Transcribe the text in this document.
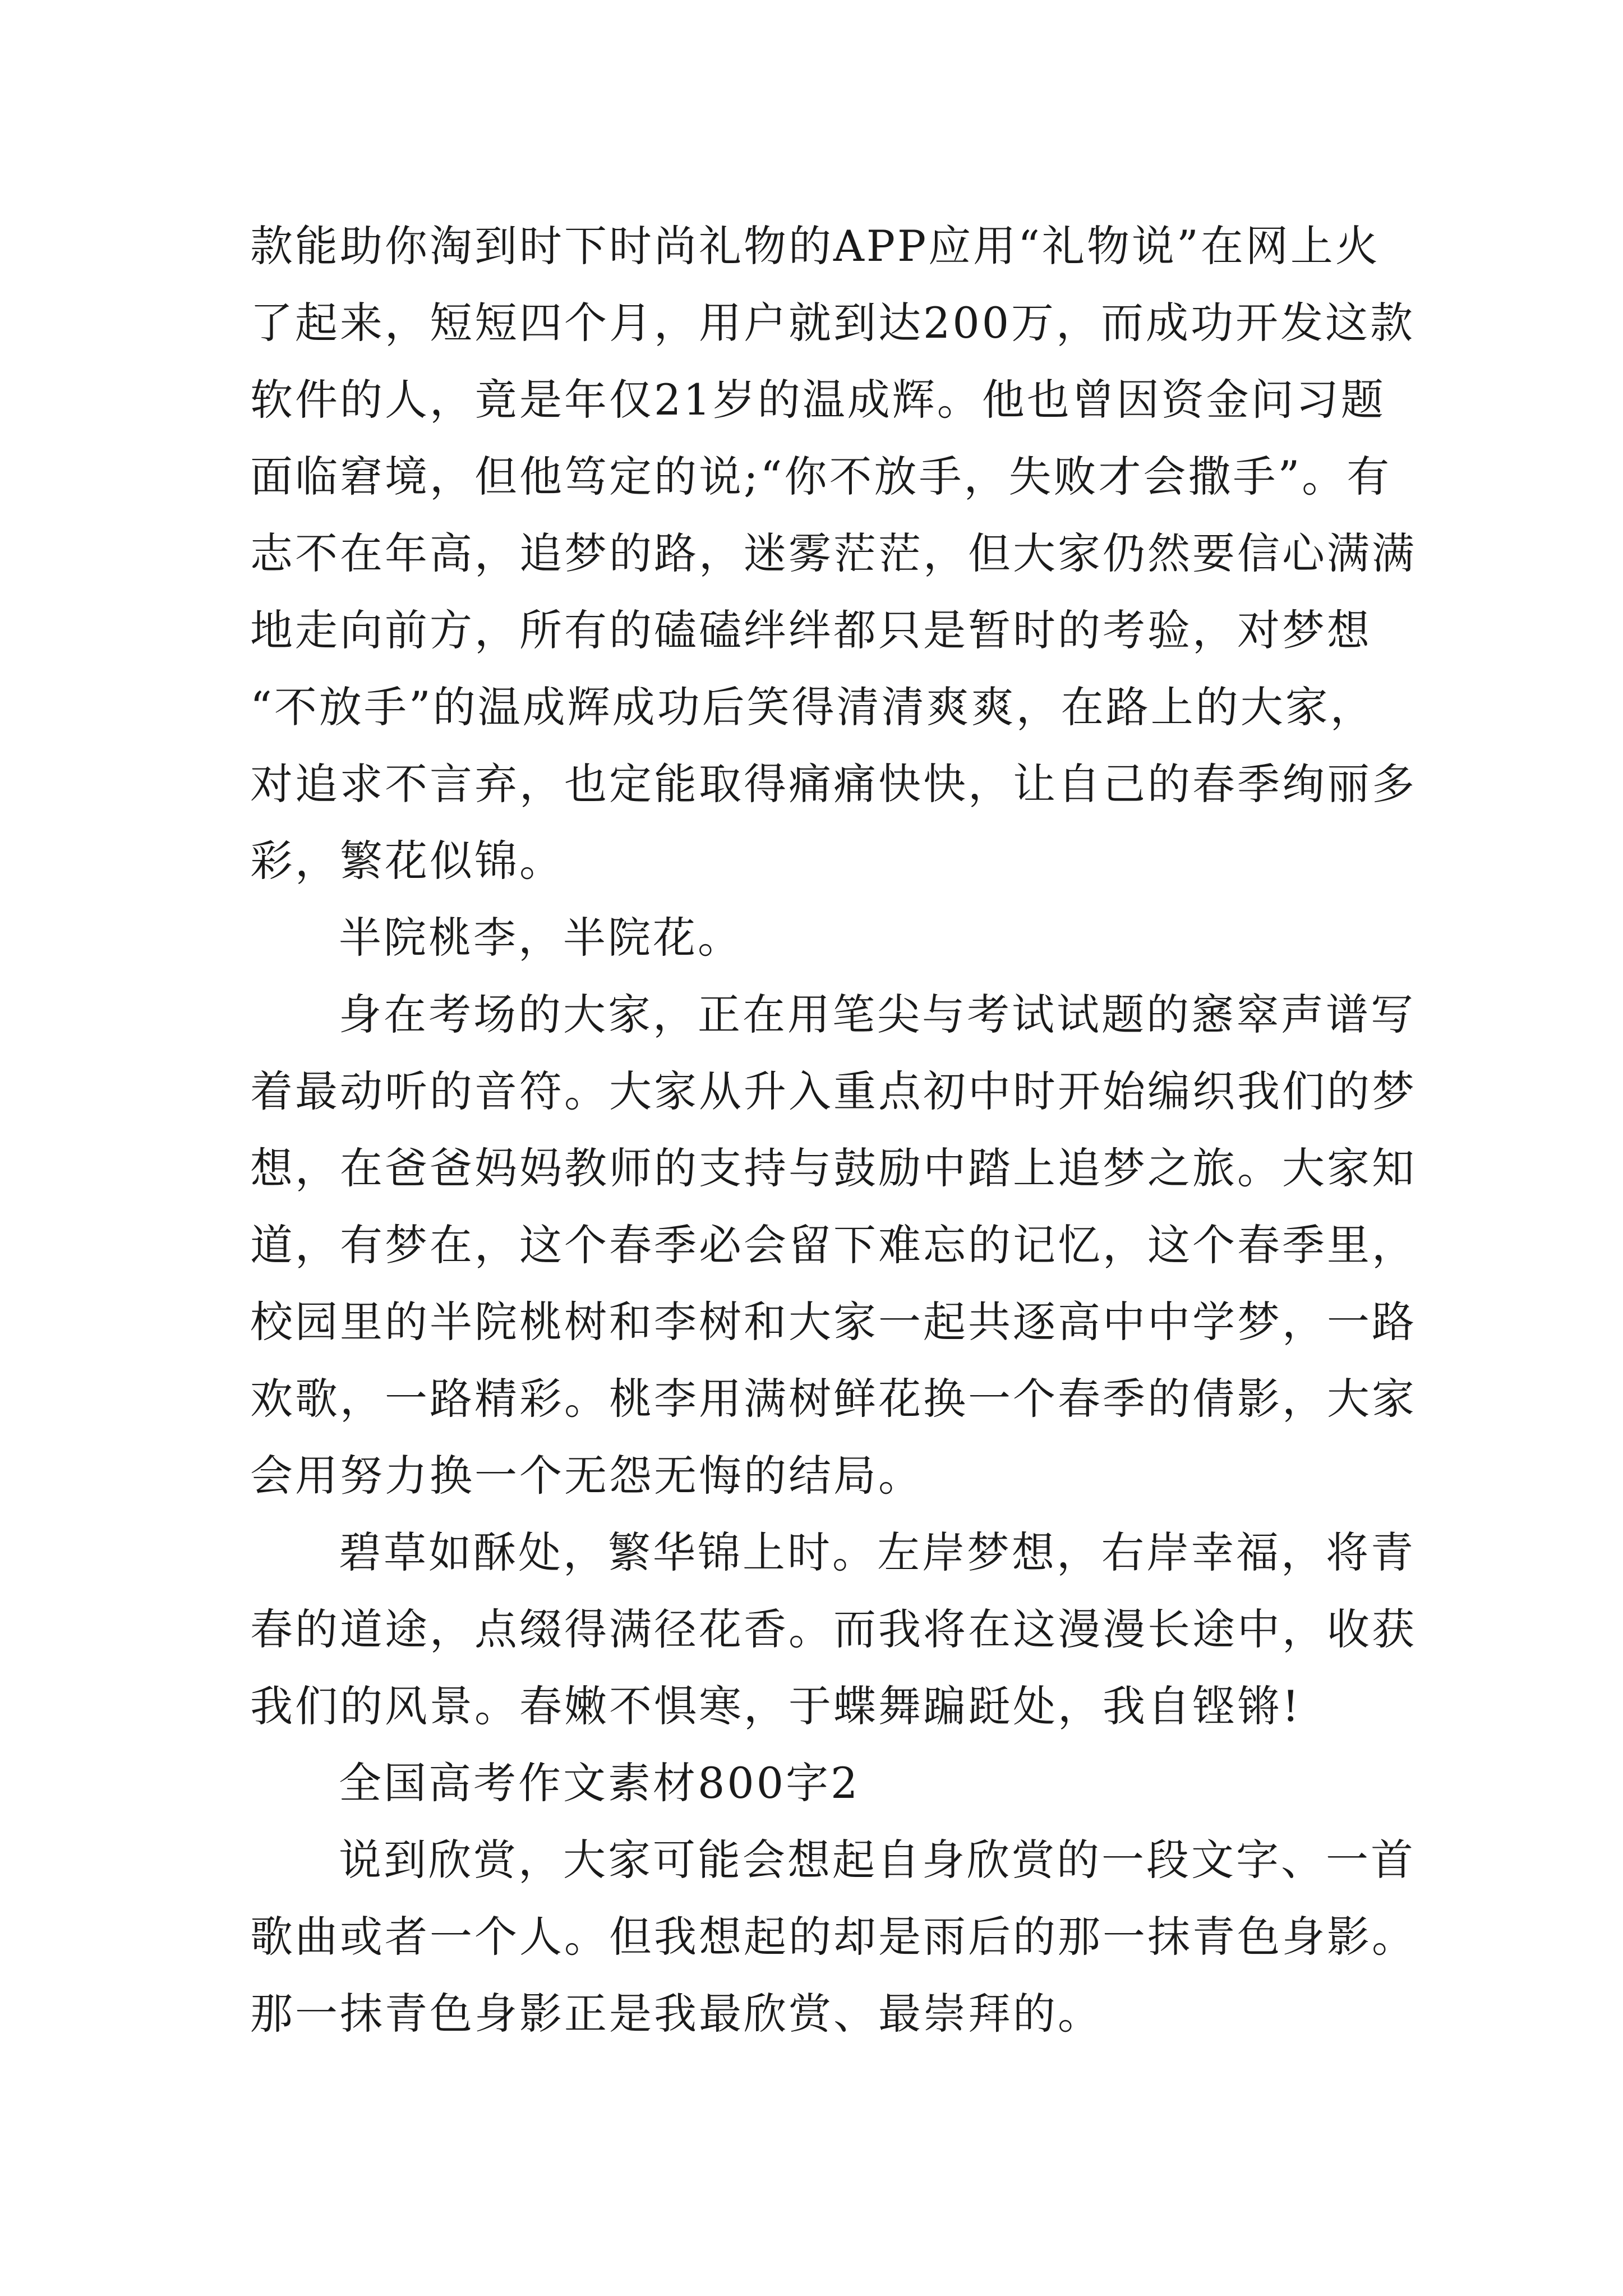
款能助你淘到时下时尚礼物的APP应用“礼物说”在网上火
了起来，短短四个月，用户就到达200万，而成功开发这款
软件的人，竟是年仅21岁的温成辉。他也曾因资金问习题
面临窘境，但他笃定的说;“你不放手，失败才会撒手”。有
志不在年高，追梦的路，迷雾茫茫，但大家仍然要信心满满
地走向前方，所有的磕磕绊绊都只是暂时的考验，对梦想
“不放手”的温成辉成功后笑得清清爽爽，在路上的大家，
对追求不言弃，也定能取得痛痛快快，让自己的春季绚丽多
彩，繁花似锦。
半院桃李，半院花。
身在考场的大家，正在用笔尖与考试试题的窸窣声谱写
着最动听的音符。大家从升入重点初中时开始编织我们的梦
想，在爸爸妈妈教师的支持与鼓励中踏上追梦之旅。大家知
道，有梦在，这个春季必会留下难忘的记忆，这个春季里，
校园里的半院桃树和李树和大家一起共逐高中中学梦，一路
欢歌，一路精彩。桃李用满树鲜花换一个春季的倩影，大家
会用努力换一个无怨无悔的结局。
碧草如酥处，繁华锦上时。左岸梦想，右岸幸福，将青
春的道途，点缀得满径花香。而我将在这漫漫长途中，收获
我们的风景。春嫩不惧寒，于蝶舞蹁跹处，我自铿锵!
全国高考作文素材800字2
说到欣赏，大家可能会想起自身欣赏的一段文字、一首
歌曲或者一个人。但我想起的却是雨后的那一抹青色身影。
那一抹青色身影正是我最欣赏、最崇拜的。
